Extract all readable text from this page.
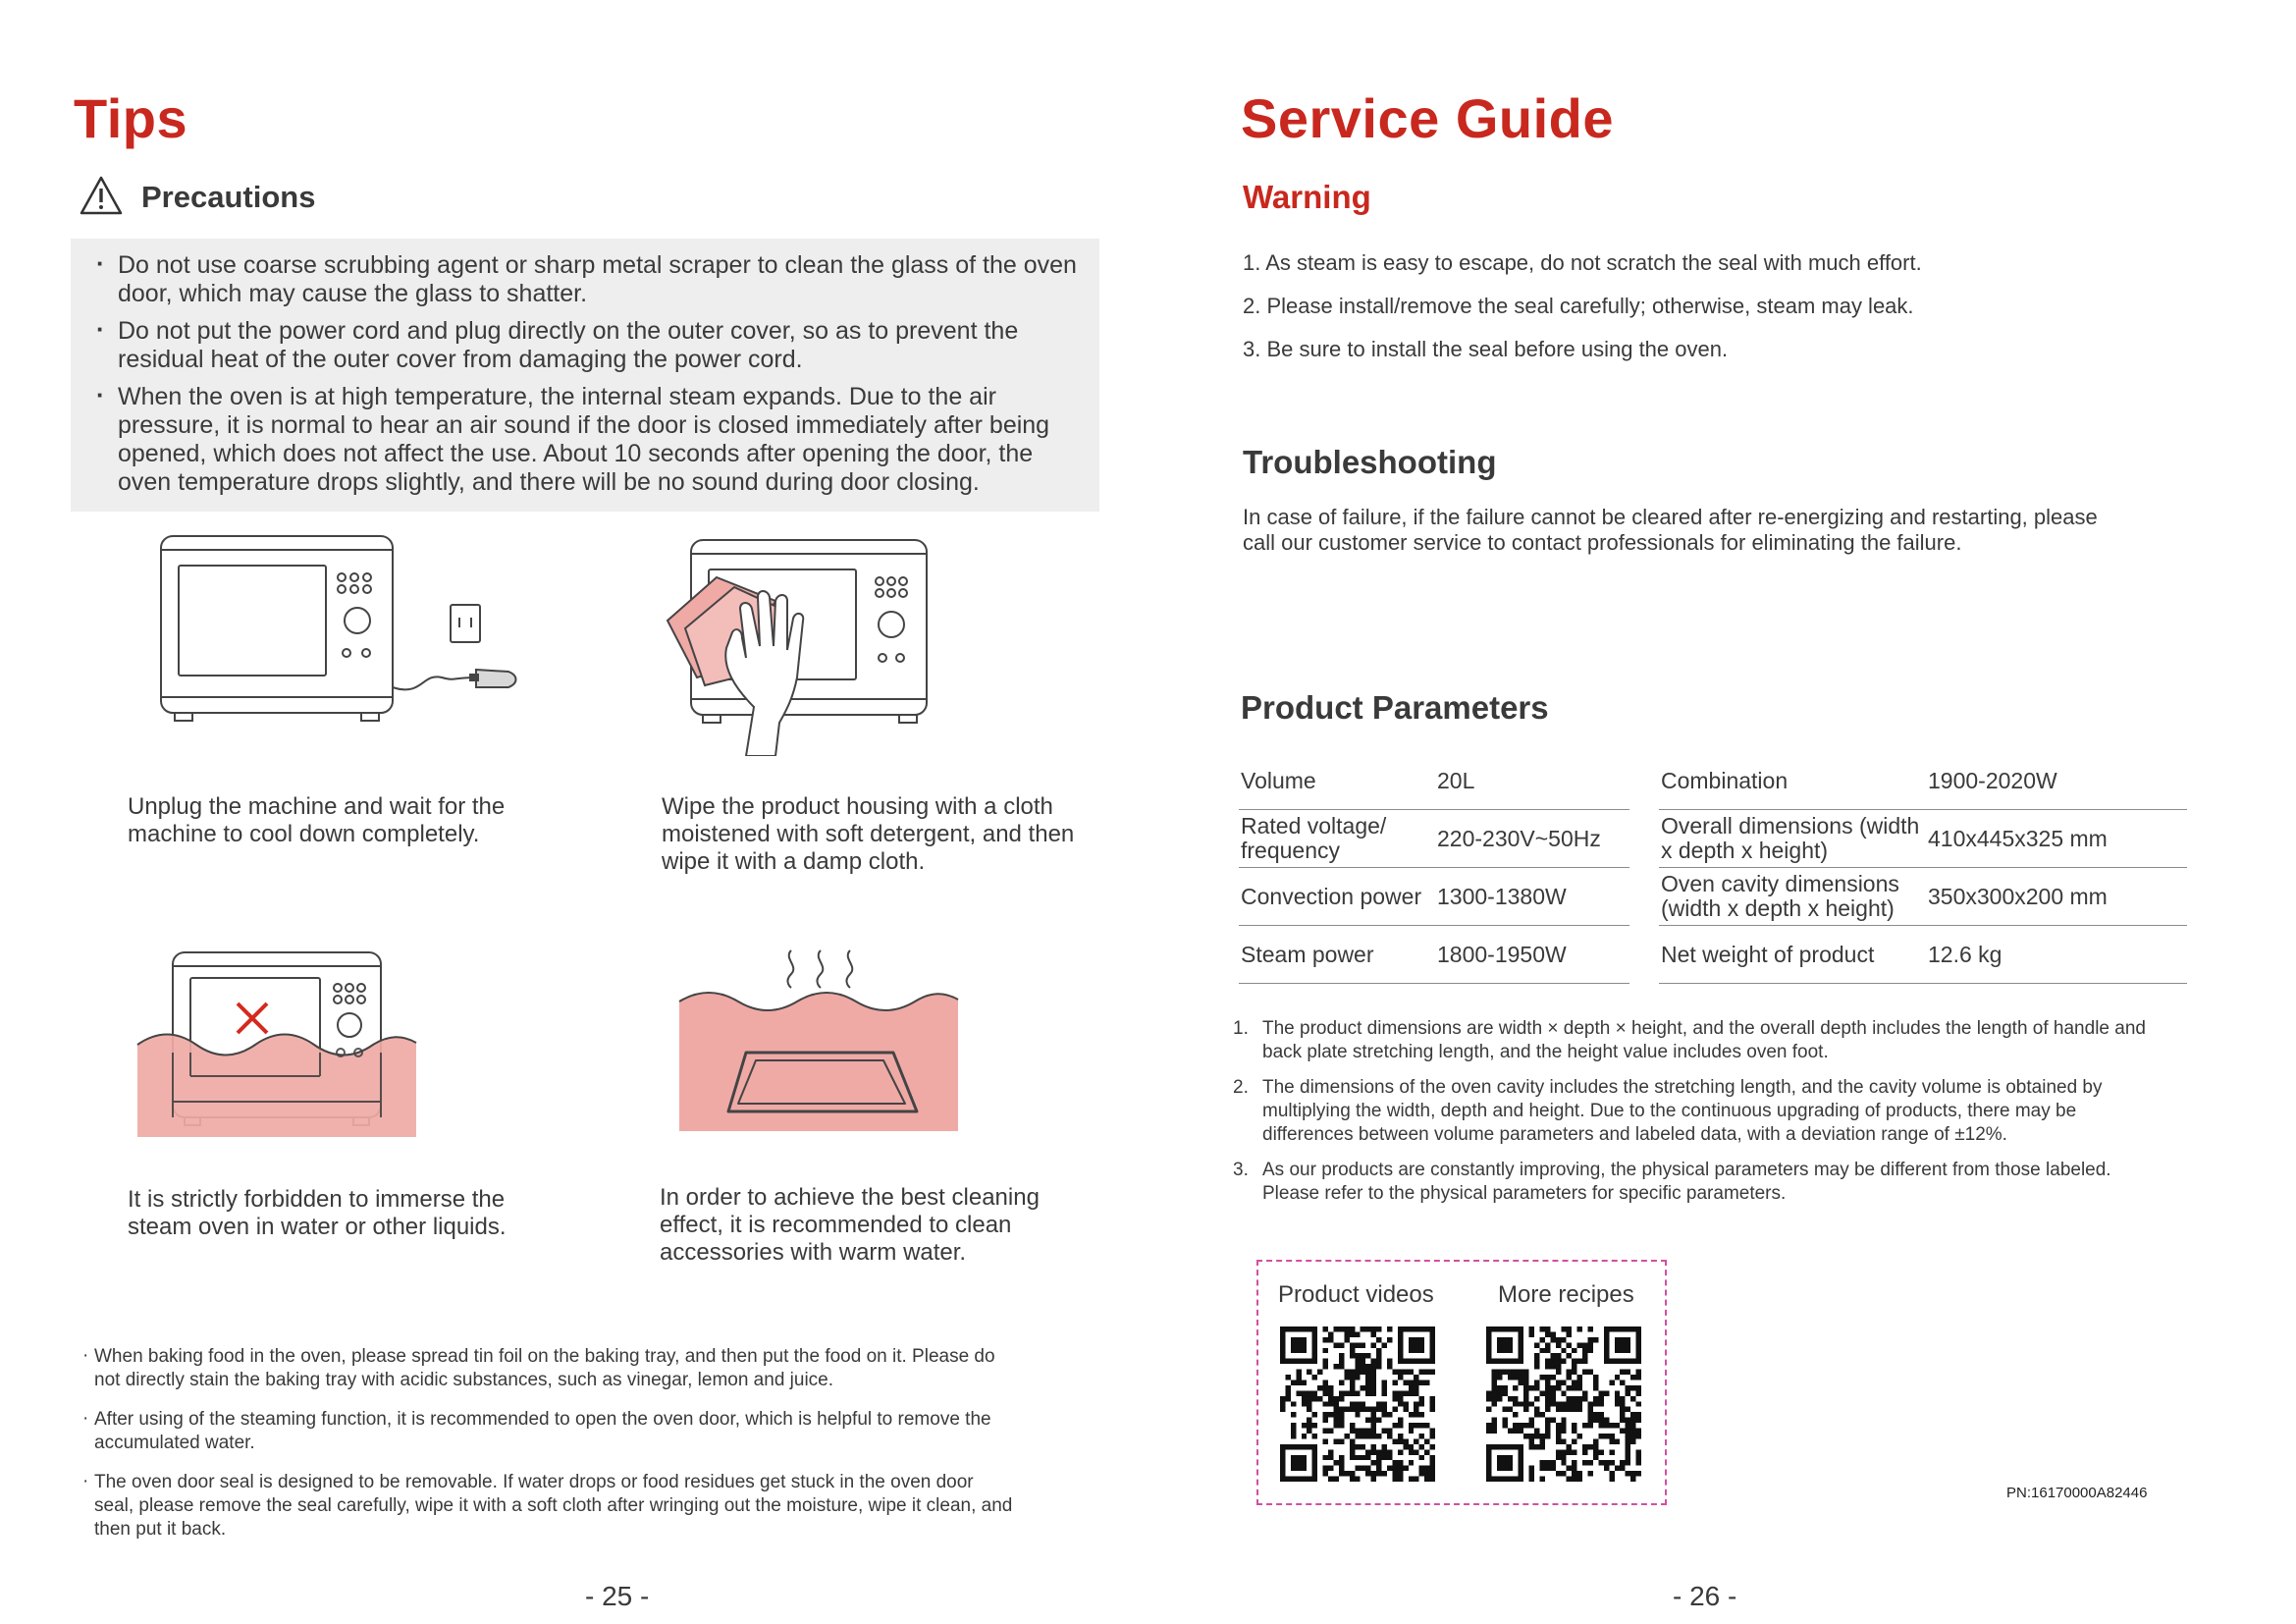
Tips
Precautions
· Do not use coarse scrubbing agent or sharp metal scraper to clean the glass of the oven door, which may cause the glass to shatter.
· Do not put the power cord and plug directly on the outer cover, so as to prevent the residual heat of the outer cover from damaging the power cord.
· When the oven is at high temperature, the internal steam expands. Due to the air pressure, it is normal to hear an air sound if the door is closed immediately after being opened, which does not affect the use. About 10 seconds after opening the door, the oven temperature drops slightly, and there will be no sound during door closing.
Unplug the machine and wait for the machine to cool down completely.
Wipe the product housing with a cloth moistened with soft detergent, and then wipe it with a damp cloth.
It is strictly forbidden to immerse the steam oven in water or other liquids.
In order to achieve the best cleaning effect, it is recommended to clean accessories with warm water.
· When baking food in the oven, please spread tin foil on the baking tray, and then put the food on it. Please do not directly stain the baking tray with acidic substances, such as vinegar, lemon and juice.
· After using of the steaming function, it is recommended to open the oven door, which is helpful to remove the accumulated water.
· The oven door seal is designed to be removable. If water drops or food residues get stuck in the oven door seal, please remove the seal carefully, wipe it with a soft cloth after wringing out the moisture, wipe it clean, and then put it back.
- 25 -
Service Guide
Warning
1. As steam is easy to escape, do not scratch the seal with much effort.
2. Please install/remove the seal carefully; otherwise, steam may leak.
3. Be sure to install the seal before using the oven.
Troubleshooting
In case of failure, if the failure cannot be cleared after re-energizing and restarting, please call our customer service to contact professionals for eliminating the failure.
Product Parameters
Volume	20L		Combination	1900-2020W
Rated voltage/ frequency	220-230V~50Hz		Overall dimensions (width x depth x height)	410x445x325 mm
Convection power	1300-1380W		Oven cavity dimensions (width x depth x height)	350x300x200 mm
Steam power	1800-1950W		Net weight of product	12.6 kg
1. The product dimensions are width × depth × height, and the overall depth includes the length of handle and back plate stretching length, and the height value includes oven foot.
2. The dimensions of the oven cavity includes the stretching length, and the cavity volume is obtained by multiplying the width, depth and height. Due to the continuous upgrading of products, there may be differences between volume parameters and labeled data, with a deviation range of ±12%.
3. As our products are constantly improving, the physical parameters may be different from those labeled. Please refer to the physical parameters for specific parameters.
Product videos	More recipes
PN:16170000A82446
- 26 -
